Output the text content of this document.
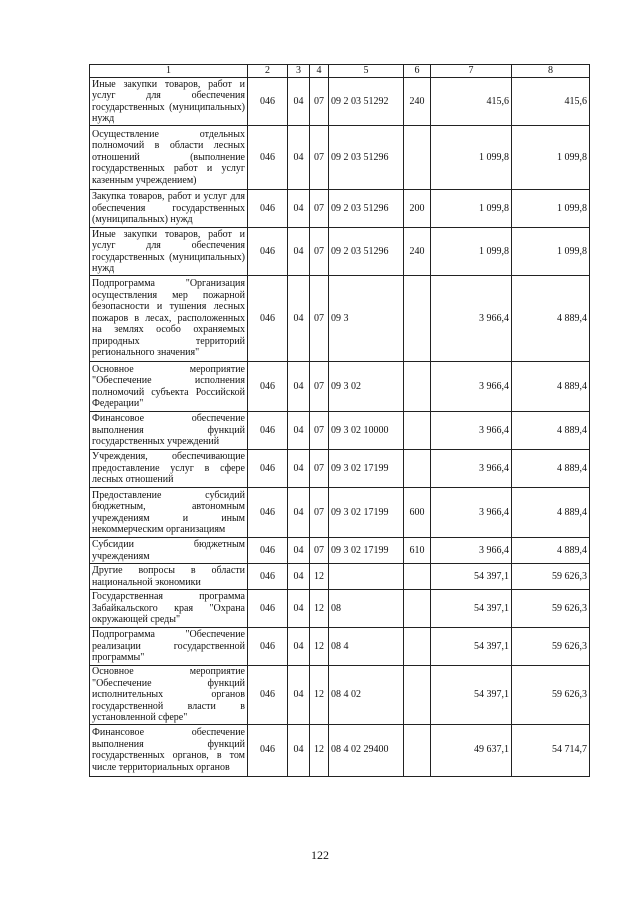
1	2	3	4	5	6	7	8
Иные закупки товаров, работ и услуг для обеспечения государственных (муниципальных) нужд	046	04	07	09 2 03 51292	240	415,6	415,6
Осуществление отдельных полномочий в области лесных отношений (выполнение государственных работ и услуг казенным учреждением)	046	04	07	09 2 03 51296		1 099,8	1 099,8
Закупка товаров, работ и услуг для обеспечения государственных (муниципальных) нужд	046	04	07	09 2 03 51296	200	1 099,8	1 099,8
Иные закупки товаров, работ и услуг для обеспечения государственных (муниципальных) нужд	046	04	07	09 2 03 51296	240	1 099,8	1 099,8
Подпрограмма "Организация осуществления мер пожарной безопасности и тушения лесных пожаров в лесах, расположенных на землях особо охраняемых природных территорий регионального значения"	046	04	07	09 3		3 966,4	4 889,4
Основное мероприятие "Обеспечение исполнения полномочий субъекта Российской Федерации"	046	04	07	09 3 02		3 966,4	4 889,4
Финансовое обеспечение выполнения функций государственных учреждений	046	04	07	09 3 02 10000		3 966,4	4 889,4
Учреждения, обеспечивающие предоставление услуг в сфере лесных отношений	046	04	07	09 3 02 17199		3 966,4	4 889,4
Предоставление субсидий бюджетным, автономным учреждениям и иным некоммерческим организациям	046	04	07	09 3 02 17199	600	3 966,4	4 889,4
Субсидии бюджетным учреждениям	046	04	07	09 3 02 17199	610	3 966,4	4 889,4
Другие вопросы в области национальной экономики	046	04	12			54 397,1	59 626,3
Государственная программа Забайкальского края "Охрана окружающей среды"	046	04	12	08		54 397,1	59 626,3
Подпрограмма "Обеспечение реализации государственной программы"	046	04	12	08 4		54 397,1	59 626,3
Основное мероприятие "Обеспечение функций исполнительных органов государственной власти в установленной сфере"	046	04	12	08 4 02		54 397,1	59 626,3
Финансовое обеспечение выполнения функций государственных органов, в том числе территориальных органов	046	04	12	08 4 02 29400		49 637,1	54 714,7
122
